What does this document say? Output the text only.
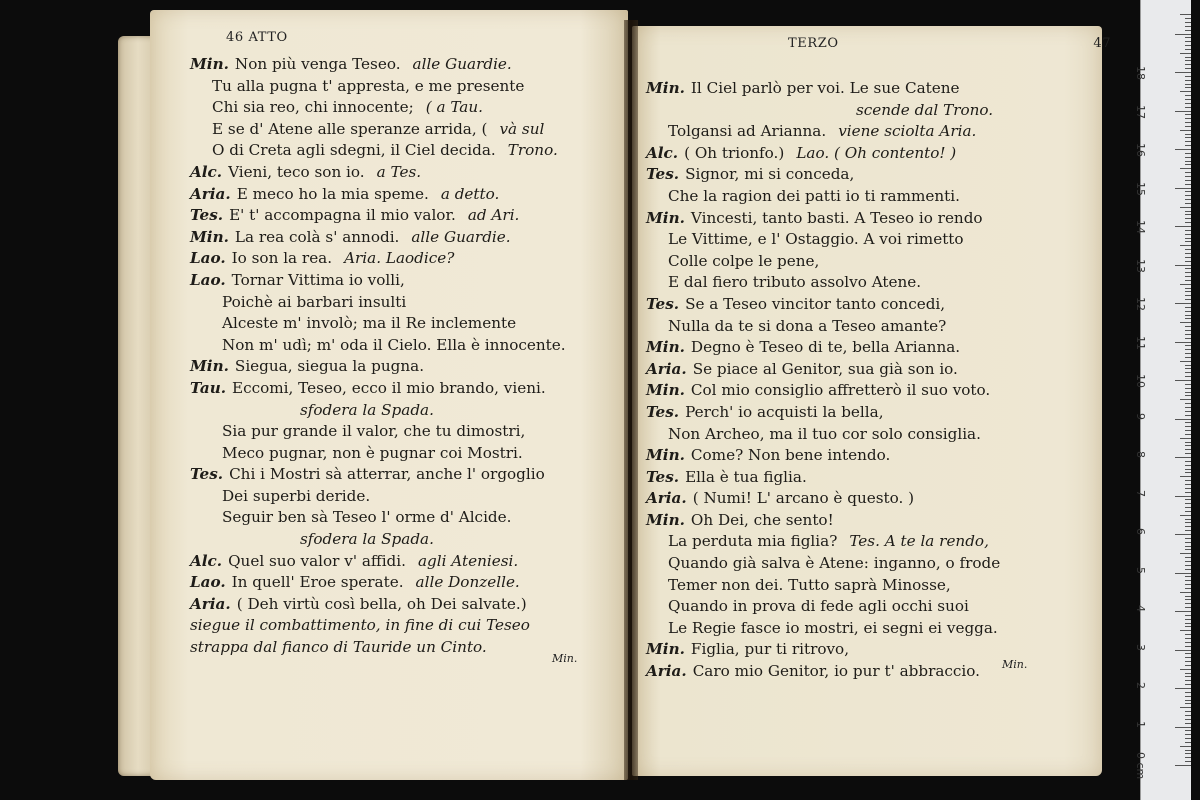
46 ATTO
Min. Non più venga Teseo. alle Guardie.
Tu alla pugna t' appresta, e me presente
Chi sia reo, chi innocente; ( a Tau.
E se d' Atene alle speranze arrida, ( và sul
O di Creta agli sdegni, il Ciel decida. Trono.
Alc. Vieni, teco son io. a Tes.
Aria. E meco ho la mia speme. a detto.
Tes. E' t' accompagna il mio valor. ad Ari.
Min. La rea colà s' annodi. alle Guardie.
Lao. Io son la rea. Aria. Laodice?
Lao. Tornar Vittima io volli,
Poichè ai barbari insulti
Alceste m' involò; ma il Re inclemente
Non m' udì; m' oda il Cielo. Ella è innocente.
Min. Siegua, siegua la pugna.
Tau. Eccomi, Teseo, ecco il mio brando, vieni.
sfodera la Spada.
Sia pur grande il valor, che tu dimostri,
Meco pugnar, non è pugnar coi Mostri.
Tes. Chi i Mostri sà atterrar, anche l' orgoglio
Dei superbi deride.
Seguir ben sà Teseo l' orme d' Alcide.
sfodera la Spada.
Alc. Quel suo valor v' affidi. agli Ateniesi.
Lao. In quell' Eroe sperate. alle Donzelle.
Aria. ( Deh virtù così bella, oh Dei salvate.)
siegue il combattimento, in fine di cui Teseo
strappa dal fianco di Tauride un Cinto.
Min.
TERZO 47
Min. Il Ciel parlò per voi. Le sue Catene
scende dal Trono.
Tolgansi ad Arianna. viene sciolta Aria.
Alc. ( Oh trionfo.) Lao. ( Oh contento! )
Tes. Signor, mi si conceda,
Che la ragion dei patti io ti rammenti.
Min. Vincesti, tanto basti. A Teseo io rendo
Le Vittime, e l' Ostaggio. A voi rimetto
Colle colpe le pene,
E dal fiero tributo assolvo Atene.
Tes. Se a Teseo vincitor tanto concedi,
Nulla da te si dona a Teseo amante?
Min. Degno è Teseo di te, bella Arianna.
Aria. Se piace al Genitor, sua già son io.
Min. Col mio consiglio affretterò il suo voto.
Tes. Perch' io acquisti la bella,
Non Archeo, ma il tuo cor solo consiglia.
Min. Come? Non bene intendo.
Tes. Ella è tua figlia.
Aria. ( Numi! L' arcano è questo. )
Min. Oh Dei, che sento!
La perduta mia figlia? Tes. A te la rendo,
Quando già salva è Atene: inganno, o frode
Temer non dei. Tutto saprà Minosse,
Quando in prova di fede agli occhi suoi
Le Regie fasce io mostri, ei segni ei vegga.
Min. Figlia, pur ti ritrovo,
Aria. Caro mio Genitor, io pur t' abbraccio.	Min.
0 cm
1
2
3
4
5
6
7
8
9
10
11
12
13
14
15
16
17
18
